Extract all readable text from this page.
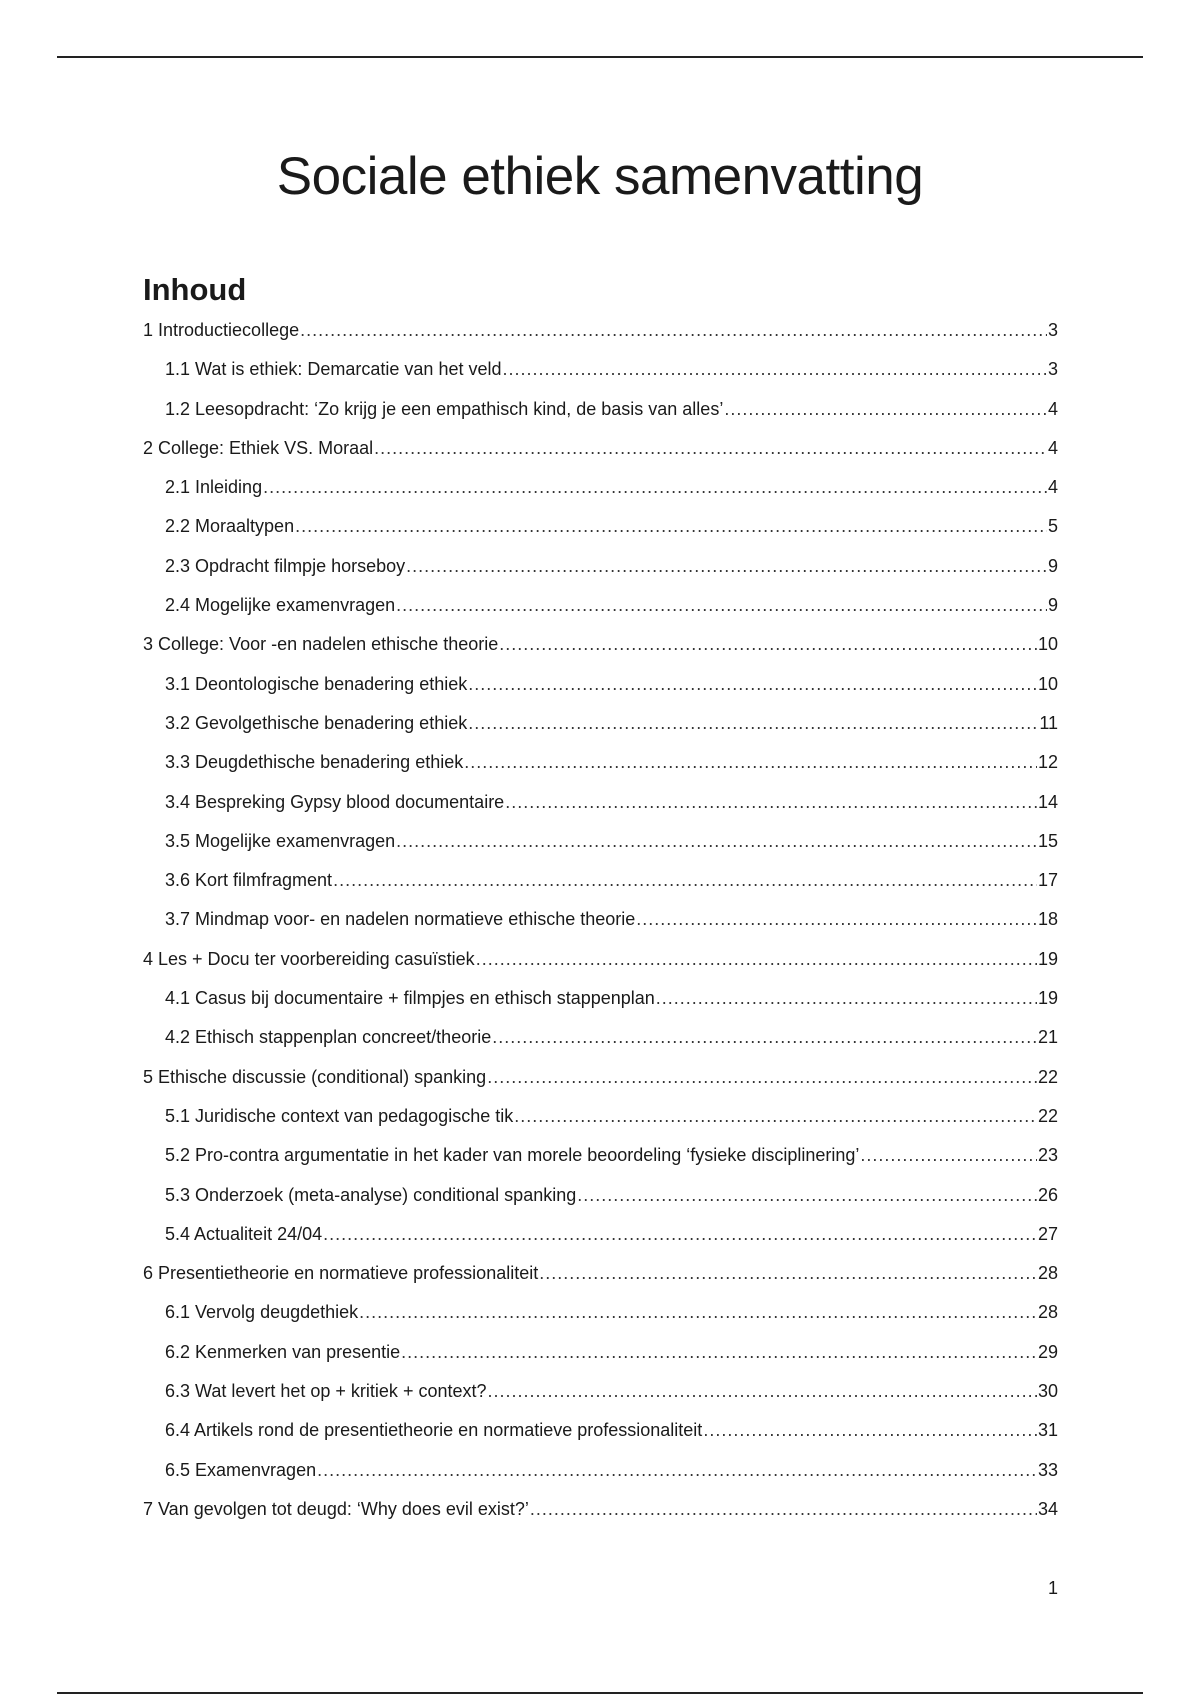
Sociale ethiek samenvatting
Inhoud
1 Introductiecollege .....	3
1.1 Wat is ethiek: Demarcatie van het veld .....	3
1.2 Leesopdracht: ‘Zo krijg je een empathisch kind, de basis van alles’ .....	4
2 College: Ethiek VS. Moraal .....	4
2.1 Inleiding .....	4
2.2 Moraaltypen .....	5
2.3 Opdracht filmpje horseboy .....	9
2.4 Mogelijke examenvragen .....	9
3 College: Voor -en nadelen ethische theorie .....	10
3.1 Deontologische benadering ethiek .....	10
3.2 Gevolgethische benadering ethiek .....	11
3.3 Deugdethische benadering ethiek .....	12
3.4 Bespreking Gypsy blood documentaire .....	14
3.5 Mogelijke examenvragen .....	15
3.6 Kort filmfragment .....	17
3.7 Mindmap voor- en nadelen normatieve ethische theorie .....	18
4 Les + Docu ter voorbereiding casuïstiek .....	19
4.1 Casus bij documentaire + filmpjes en ethisch stappenplan .....	19
4.2 Ethisch stappenplan concreet/theorie .....	21
5 Ethische discussie (conditional) spanking .....	22
5.1 Juridische context van pedagogische tik .....	22
5.2 Pro-contra argumentatie in het kader van morele beoordeling ‘fysieke disciplinering’ .....	23
5.3 Onderzoek (meta-analyse) conditional spanking .....	26
5.4 Actualiteit 24/04 .....	27
6 Presentietheorie en normatieve professionaliteit .....	28
6.1 Vervolg deugdethiek .....	28
6.2 Kenmerken van presentie .....	29
6.3 Wat levert het op + kritiek + context? .....	30
6.4 Artikels rond de presentietheorie en normatieve professionaliteit .....	31
6.5 Examenvragen .....	33
7 Van gevolgen tot deugd: ‘Why does evil exist?’ .....	34
1
